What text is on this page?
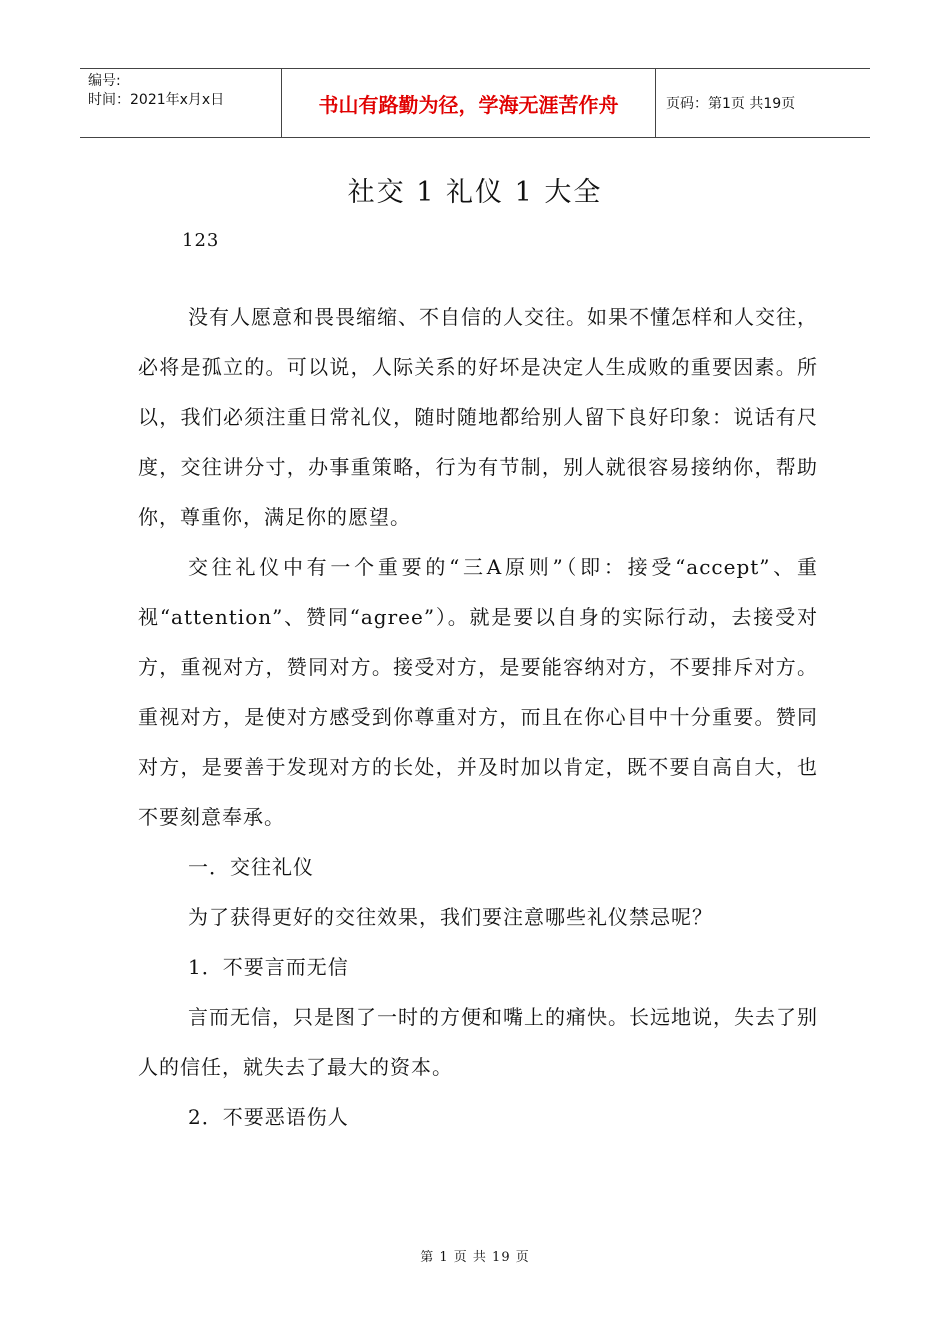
编号:
时间：2021年x月x日	书山有路勤为径，学海无涯苦作舟	页码：第1页 共19页
社交 1 礼仪 1 大全
123

没有人愿意和畏畏缩缩、不自信的人交往。如果不懂怎样和人交往，必将是孤立的。可以说，人际关系的好坏是决定人生成败的重要因素。所以，我们必须注重日常礼仪，随时随地都给别人留下良好印象：说话有尺度，交往讲分寸，办事重策略，行为有节制，别人就很容易接纳你，帮助你，尊重你，满足你的愿望。

交往礼仪中有一个重要的“三A原则”（即：接受“accept”、重视“attention”、赞同“agree”）。就是要以自身的实际行动，去接受对方，重视对方，赞同对方。接受对方，是要能容纳对方，不要排斥对方。重视对方，是使对方感受到你尊重对方，而且在你心目中十分重要。赞同对方，是要善于发现对方的长处，并及时加以肯定，既不要自高自大，也不要刻意奉承。

一．交往礼仪

为了获得更好的交往效果，我们要注意哪些礼仪禁忌呢？

1．不要言而无信

言而无信，只是图了一时的方便和嘴上的痛快。长远地说，失去了别人的信任，就失去了最大的资本。

2．不要恶语伤人

第 1 页 共 19 页
